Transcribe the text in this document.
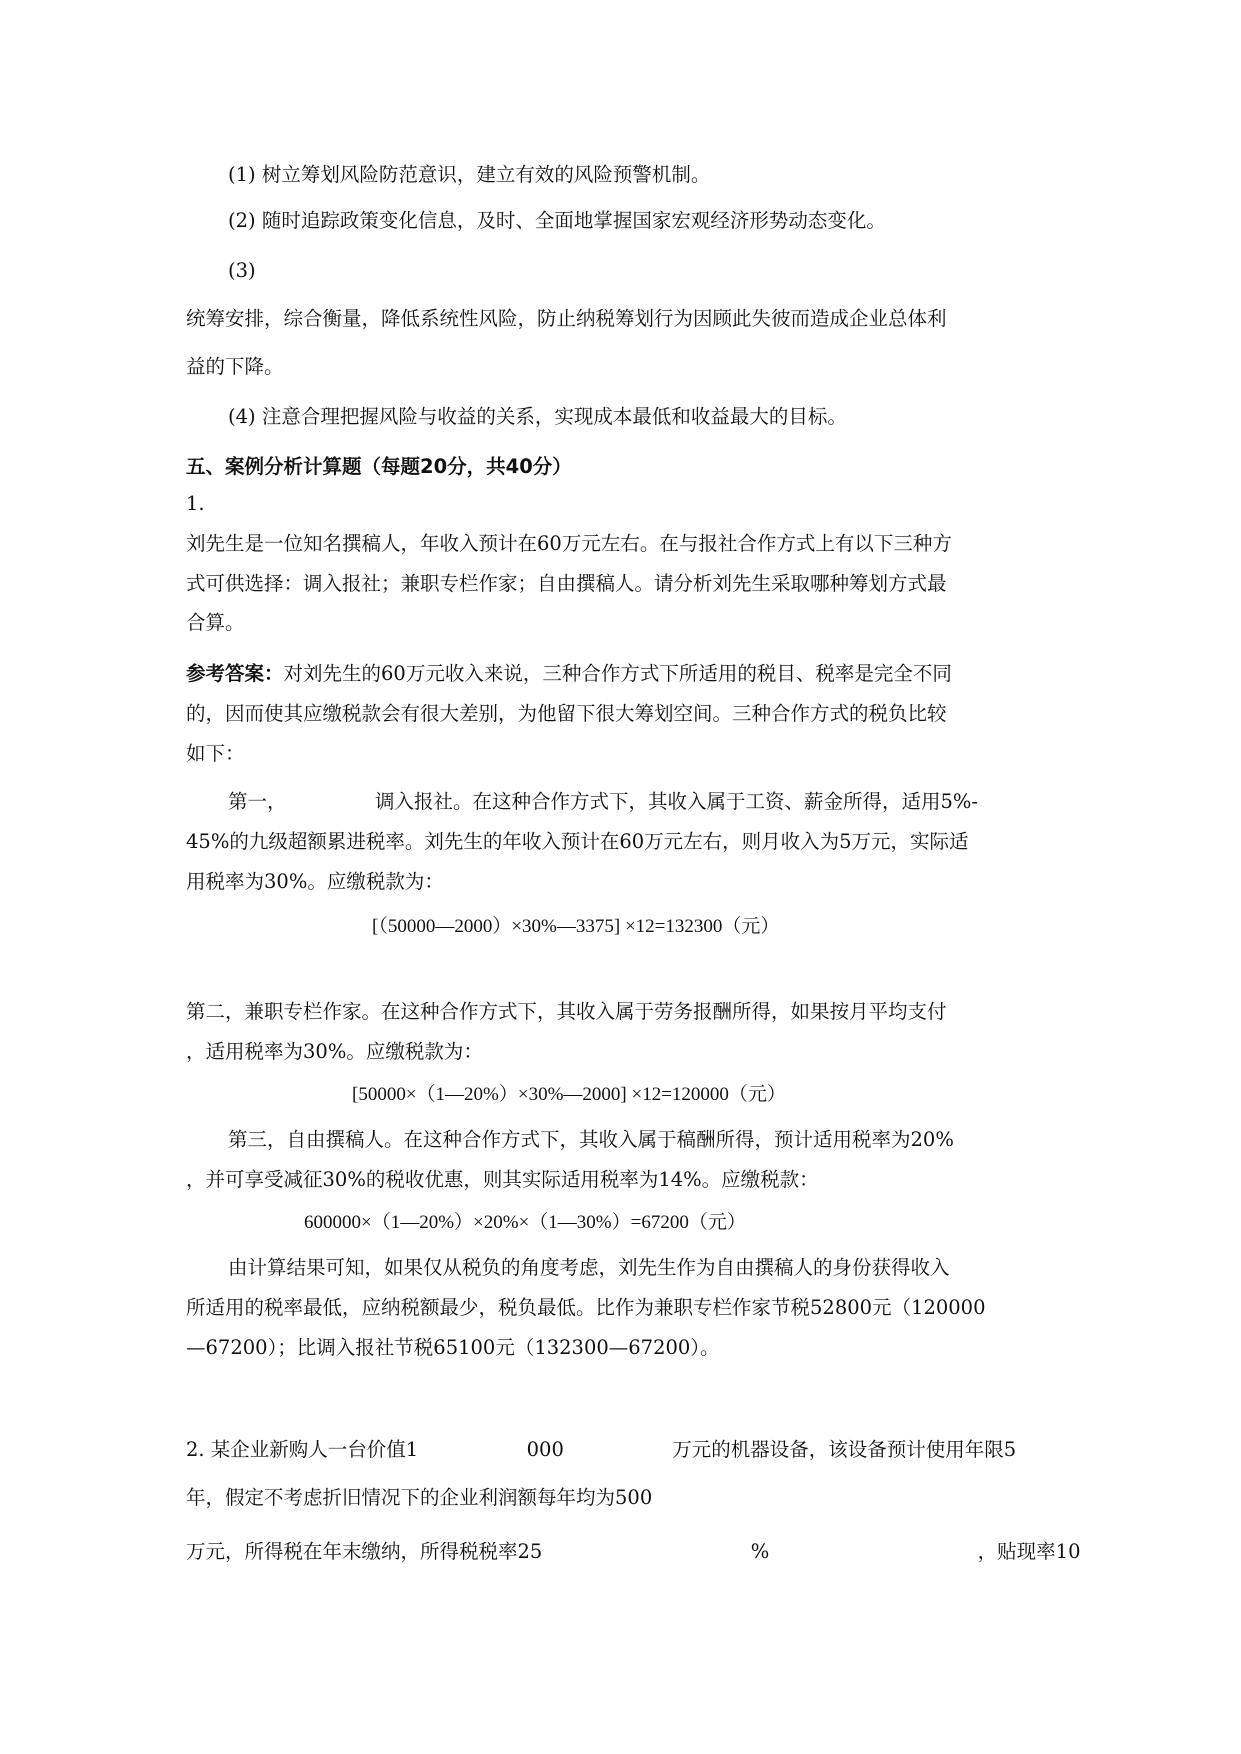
(1) 树立筹划风险防范意识，建立有效的风险预警机制。
(2) 随时追踪政策变化信息，及时、全面地掌握国家宏观经济形势动态变化。
(3)
统筹安排，综合衡量，降低系统性风险，防止纳税筹划行为因顾此失彼而造成企业总体利
益的下降。
(4) 注意合理把握风险与收益的关系，实现成本最低和收益最大的目标。
五、案例分析计算题（每题20分，共40分）
1.
刘先生是一位知名撰稿人，年收入预计在60万元左右。在与报社合作方式上有以下三种方
式可供选择：调入报社；兼职专栏作家；自由撰稿人。请分析刘先生采取哪种筹划方式最
合算。
参考答案：对刘先生的60万元收入来说，三种合作方式下所适用的税目、税率是完全不同
的，因而使其应缴税款会有很大差别，为他留下很大筹划空间。三种合作方式的税负比较
如下：
第一，	调入报社。在这种合作方式下，其收入属于工资、薪金所得，适用5%-
45%的九级超额累进税率。刘先生的年收入预计在60万元左右，则月收入为5万元，实际适
用税率为30%。应缴税款为：
[（50000—2000）×30%—3375] ×12=132300（元）
第二，兼职专栏作家。在这种合作方式下，其收入属于劳务报酬所得，如果按月平均支付
，适用税率为30%。应缴税款为：
[50000×（1—20%）×30%—2000] ×12=120000（元）
第三，自由撰稿人。在这种合作方式下，其收入属于稿酬所得，预计适用税率为20%
，并可享受减征30%的税收优惠，则其实际适用税率为14%。应缴税款：
600000×（1—20%）×20%×（1—30%）=67200（元）
由计算结果可知，如果仅从税负的角度考虑，刘先生作为自由撰稿人的身份获得收入
所适用的税率最低，应纳税额最少，税负最低。比作为兼职专栏作家节税52800元（120000
—67200）；比调入报社节税65100元（132300—67200）。
2. 某企业新购人一台价值1	000	万元的机器设备，该设备预计使用年限5
年，假定不考虑折旧情况下的企业利润额每年均为500
万元，所得税在年末缴纳，所得税税率25	%	，贴现率10
